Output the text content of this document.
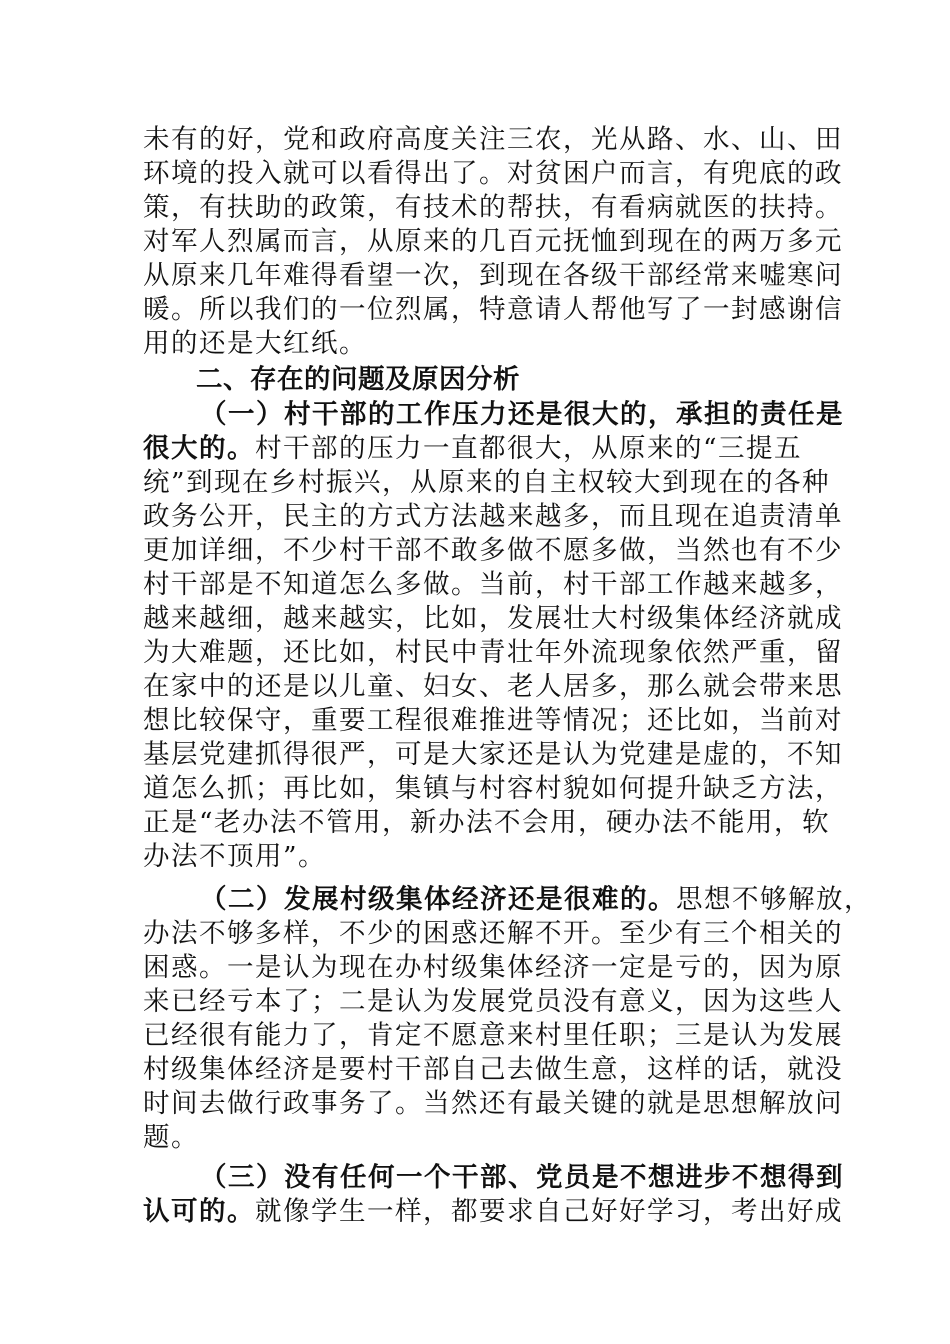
未有的好，党和政府高度关注三农，光从路、水、山、田
环境的投入就可以看得出了。对贫困户而言，有兜底的政
策，有扶助的政策，有技术的帮扶，有看病就医的扶持。
对军人烈属而言，从原来的几百元抚恤到现在的两万多元
从原来几年难得看望一次，到现在各级干部经常来嘘寒问
暖。所以我们的一位烈属，特意请人帮他写了一封感谢信
用的还是大红纸。
二、存在的问题及原因分析
（一）村干部的工作压力还是很大的，承担的责任是
很大的。村干部的压力一直都很大，从原来的“三提五
统”到现在乡村振兴，从原来的自主权较大到现在的各种
政务公开，民主的方式方法越来越多，而且现在追责清单
更加详细，不少村干部不敢多做不愿多做，当然也有不少
村干部是不知道怎么多做。当前，村干部工作越来越多，
越来越细，越来越实，比如，发展壮大村级集体经济就成
为大难题，还比如，村民中青壮年外流现象依然严重，留
在家中的还是以儿童、妇女、老人居多，那么就会带来思
想比较保守，重要工程很难推进等情况；还比如，当前对
基层党建抓得很严，可是大家还是认为党建是虚的，不知
道怎么抓；再比如，集镇与村容村貌如何提升缺乏方法，
正是“老办法不管用，新办法不会用，硬办法不能用，软
办法不顶用”。
（二）发展村级集体经济还是很难的。思想不够解放，
办法不够多样，不少的困惑还解不开。至少有三个相关的
困惑。一是认为现在办村级集体经济一定是亏的，因为原
来已经亏本了；二是认为发展党员没有意义，因为这些人
已经很有能力了，肯定不愿意来村里任职；三是认为发展
村级集体经济是要村干部自己去做生意，这样的话，就没
时间去做行政事务了。当然还有最关键的就是思想解放问
题。
（三）没有任何一个干部、党员是不想进步不想得到
认可的。就像学生一样，都要求自己好好学习，考出好成
